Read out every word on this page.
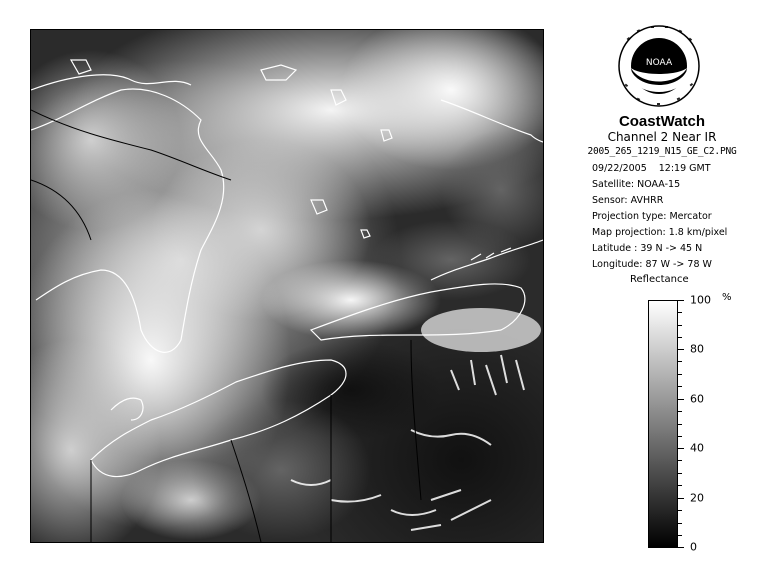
NOAA
CoastWatch
Channel 2 Near IR
2005_265_1219_N15_GE_C2.PNG
09/22/2005 12:19 GMT
Satellite: NOAA-15
Sensor: AVHRR
Projection type: Mercator
Map projection: 1.8 km/pixel
Latitude : 39 N -> 45 N
Longitude: 87 W -> 78 W
Reflectance
100
80
60
40
20
0
%
